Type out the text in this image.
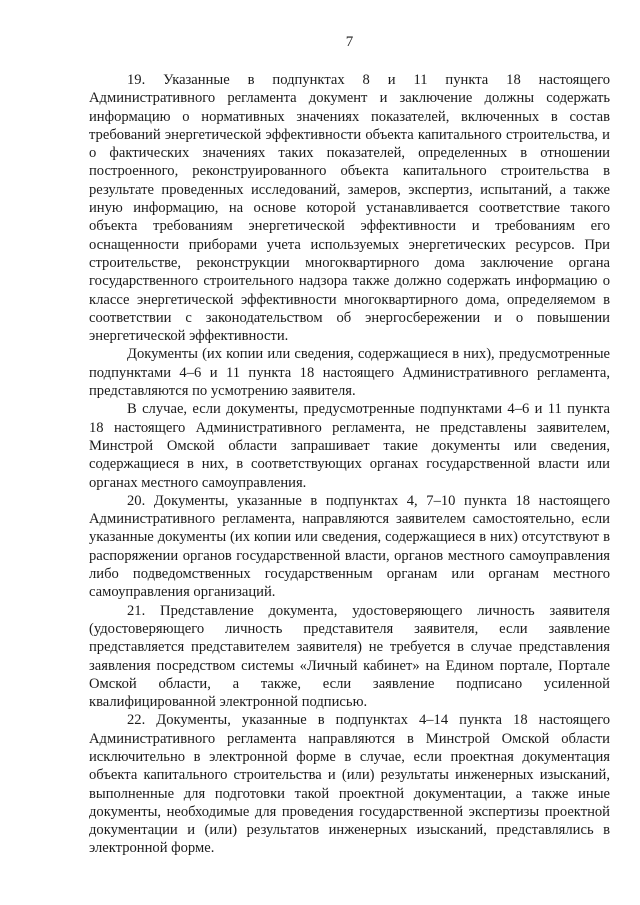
7

19. Указанные в подпунктах 8 и 11 пункта 18 настоящего Административного регламента документ и заключение должны содержать информацию о нормативных значениях показателей, включенных в состав требований энергетической эффективности объекта капитального строительства, и о фактических значениях таких показателей, определенных в отношении построенного, реконструированного объекта капитального строительства в результате проведенных исследований, замеров, экспертиз, испытаний, а также иную информацию, на основе которой устанавливается соответствие такого объекта требованиям энергетической эффективности и требованиям его оснащенности приборами учета используемых энергетических ресурсов. При строительстве, реконструкции многоквартирного дома заключение органа государственного строительного надзора также должно содержать информацию о классе энергетической эффективности многоквартирного дома, определяемом в соответствии с законодательством об энергосбережении и о повышении энергетической эффективности.

Документы (их копии или сведения, содержащиеся в них), предусмотренные подпунктами 4–6 и 11 пункта 18 настоящего Административного регламента, представляются по усмотрению заявителя.

В случае, если документы, предусмотренные подпунктами 4–6 и 11 пункта 18 настоящего Административного регламента, не представлены заявителем, Минстрой Омской области запрашивает такие документы или сведения, содержащиеся в них, в соответствующих органах государственной власти или органах местного самоуправления.

20. Документы, указанные в подпунктах 4, 7–10 пункта 18 настоящего Административного регламента, направляются заявителем самостоятельно, если указанные документы (их копии или сведения, содержащиеся в них) отсутствуют в распоряжении органов государственной власти, органов местного самоуправления либо подведомственных государственным органам или органам местного самоуправления организаций.

21. Представление документа, удостоверяющего личность заявителя (удостоверяющего личность представителя заявителя, если заявление представляется представителем заявителя) не требуется в случае представления заявления посредством системы «Личный кабинет» на Едином портале, Портале Омской области, а также, если заявление подписано усиленной квалифицированной электронной подписью.

22. Документы, указанные в подпунктах 4–14 пункта 18 настоящего Административного регламента направляются в Минстрой Омской области исключительно в электронной форме в случае, если проектная документация объекта капитального строительства и (или) результаты инженерных изысканий, выполненные для подготовки такой проектной документации, а также иные документы, необходимые для проведения государственной экспертизы проектной документации и (или) результатов инженерных изысканий, представлялись в электронной форме.
